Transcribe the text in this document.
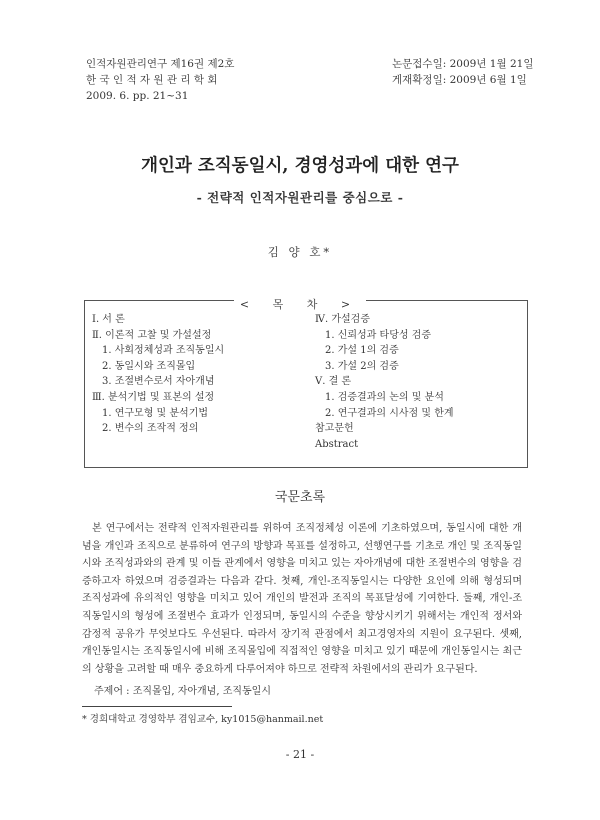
인적자원관리연구 제16권 제2호
한 국 인 적 자 원 관 리 학 회
2009. 6. pp. 21~31
논문접수일: 2009년 1월 21일
게재확정일: 2009년 6월 1일
개인과 조직동일시, 경영성과에 대한 연구
- 전략적 인적자원관리를 중심으로 -
김 양 호*
< 목 차 >
Ⅰ. 서 론
Ⅱ. 이론적 고찰 및 가설설정
1. 사회정체성과 조직동일시
2. 동일시와 조직몰입
3. 조절변수로서 자아개념
Ⅲ. 분석기법 및 표본의 설정
1. 연구모형 및 분석기법
2. 변수의 조작적 정의
Ⅳ. 가설검증
1. 신뢰성과 타당성 검증
2. 가설 1의 검증
3. 가설 2의 검증
Ⅴ. 결 론
1. 검증결과의 논의 및 분석
2. 연구결과의 시사점 및 한계
참고문헌
Abstract
국문초록

본 연구에서는 전략적 인적자원관리를 위하여 조직정체성 이론에 기초하였으며, 동일시에 대한 개념을 개인과 조직으로 분류하여 연구의 방향과 목표를 설정하고, 선행연구를 기초로 개인 및 조직동일시와 조직성과와의 관계 및 이들 관계에서 영향을 미치고 있는 자아개념에 대한 조절변수의 영향을 검증하고자 하였으며 검증결과는 다음과 같다. 첫째, 개인-조직동일시는 다양한 요인에 의해 형성되며 조직성과에 유의적인 영향을 미치고 있어 개인의 발전과 조직의 목표달성에 기여한다. 둘째, 개인-조직동일시의 형성에 조절변수 효과가 인정되며, 동일시의 수준을 향상시키기 위해서는 개인적 정서와 감정적 공유가 무엇보다도 우선된다. 따라서 장기적 관점에서 최고경영자의 지원이 요구된다. 셋째, 개인동일시는 조직동일시에 비해 조직몰입에 직접적인 영향을 미치고 있기 때문에 개인동일시는 최근의 상황을 고려할 때 매우 중요하게 다루어져야 하므로 전략적 차원에서의 관리가 요구된다.

주제어 : 조직몰입, 자아개념, 조직동일시
* 경희대학교 경영학부 겸임교수, ky1015@hanmail.net
- 21 -
